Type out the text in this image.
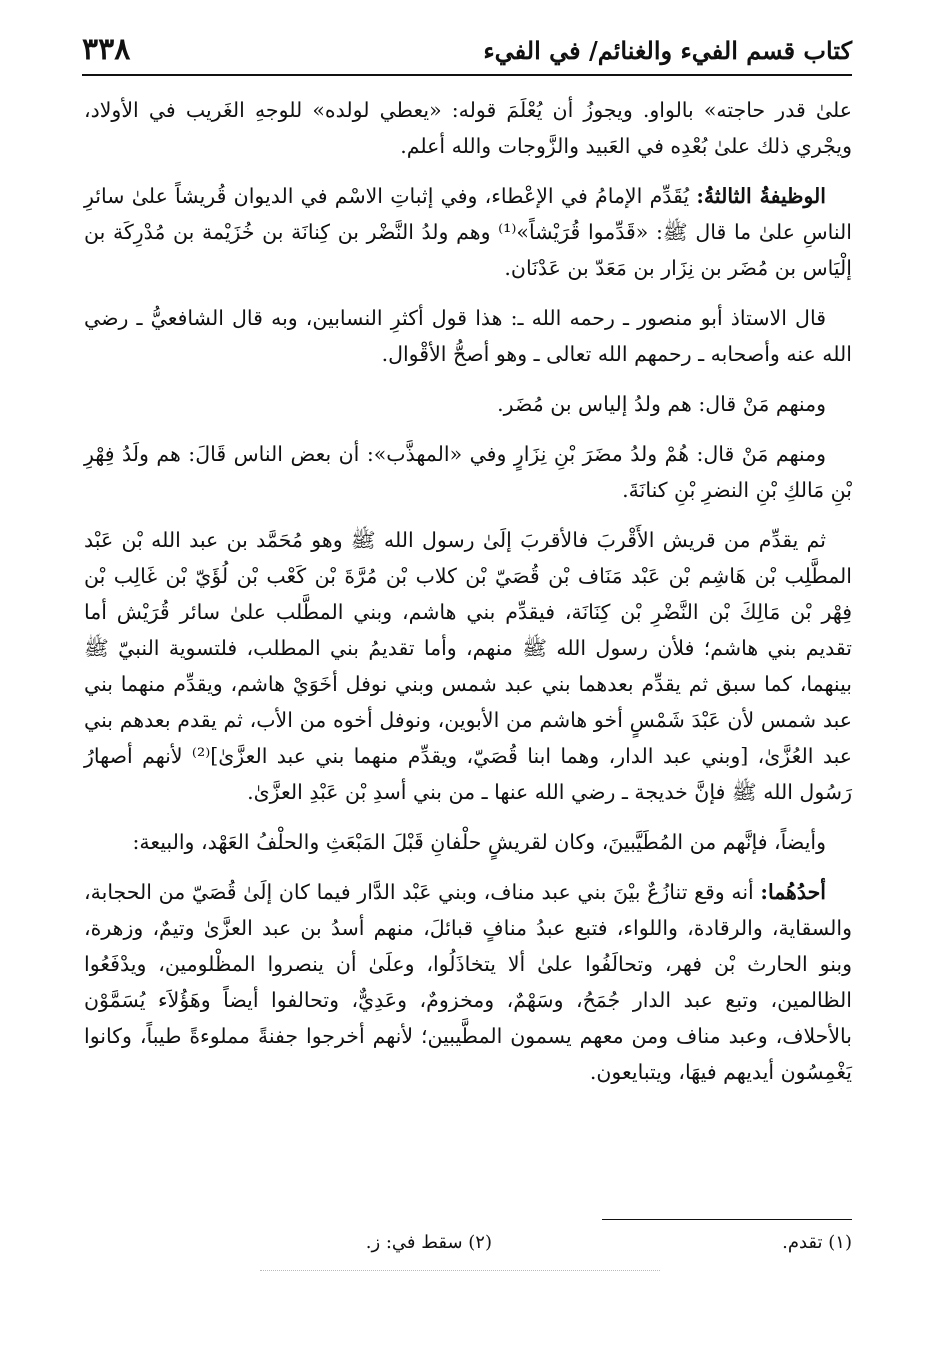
كتاب قسم الفيء والغنائم/ في الفيء
٣٣٨

علىٰ قدر حاجته» بالواو. ويجوزُ أن يُعْلَمَ قوله: «يعطي لولده» للوجهِ الغَريب في الأولاد، ويجْري ذلك علىٰ بُعْدِه في العَبيد والزَّوجات والله أعلم.

الوظيفةُ الثالثةُ: يُقَدِّم الإمامُ في الإعْطاء، وفي إثباتِ الاسْم في الديوان قُريشاً علىٰ سائرِ الناسِ علىٰ ما قال ﷺ: «قَدِّموا قُرَيْشاً»⁽¹⁾ وهم ولدُ النَّضْر بن كِنانَة بن خُزَيْمة بن مُدْرِكَة بن إلْيَاس بن مُضَر بن نِزَار بن مَعَدّ بن عَدْنَان.

قال الاستاذ أبو منصور ـ رحمه الله ـ: هذا قول أكثرِ النسابين، وبه قال الشافعيُّ ـ رضي الله عنه وأصحابه ـ رحمهم الله تعالى ـ وهو أصحُّ الأقْوال.

ومنهم مَنْ قال: هم ولدُ إلياس بن مُضَر.

ومنهم مَنْ قال: هُمْ ولدُ مضَرَ بْنِ نِزَارٍ وفي «المهذَّب»: أن بعض الناس قَالَ: هم ولَدُ فِهْرِ بْنِ مَالكِ بْنِ النضرِ بْنِ كنانَةَ.

ثم يقدِّم من قريش الأَقْربَ فالأقربَ إلَىٰ رسول الله ﷺ وهو مُحَمَّد بن عبد الله بْن عَبْد المطَّلِب بْن هَاشِم بْن عَبْد مَنَاف بْن قُصَيّ بْن كلاب بْن مُرَّةَ بْن كَعْب بْن لُؤَيّ بْن غَالِب بْن فِهْر بْن مَالِكَ بْن النَّضْرِ بْن كِنَانَة، فيقدِّم بني هاشم، وبني المطَّلب علىٰ سائر قُرَيْش أما تقديم بني هاشم؛ فلأن رسول الله ﷺ منهم، وأما تقديمُ بني المطلب، فلتسوية النبيّ ﷺ بينهما، كما سبق ثم يقدِّم بعدهما بني عبد شمس وبني نوفل أخَوَيْ هاشم، ويقدِّم منهما بني عبد شمس لأن عَبْدَ شَمْسٍ أخو هاشم من الأبوين، ونوفل أخوه من الأب، ثم يقدم بعدهم بني عبد العُزَّىٰ، [وبني عبد الدار، وهما ابنا قُصَيّ، ويقدِّم منهما بني عبد العزَّىٰ]⁽²⁾ لأنهم أصهارُ رَسُول الله ﷺ فإنَّ خديجة ـ رضي الله عنها ـ من بني أسدِ بْن عَبْدِ العزَّىٰ.

وأيضاً، فإنَّهم من المُطَيَّبينَ، وكان لقريشٍ حلْفانِ قَبْلَ المَبْعَثِ والحلْفُ العَهْد، والبيعة:

أحدُهُما: أنه وقع تنازُعٌ بيْنَ بني عبد مناف، وبني عَبْد الدَّار فيما كان إلَىٰ قُصَيّ من الحجابة، والسقاية، والرقادة، واللواء، فتبع عبدُ منافٍ قبائلَ، منهم أسدُ بن عبد العزَّىٰ وتيمٌ، وزهرة، وبنو الحارث بْن فهر، وتحالَفُوا علىٰ ألا يتخاذَلُوا، وعلَىٰ أن ينصروا المظْلومين، ويدْفَعُوا الظالمين، وتبع عبد الدار جُمَحُ، وسَهْمٌ، ومخزومٌ، وعَدِيٌّ، وتحالفوا أيضاً وهَؤُلاَء يُسَمَّوْن بالأحلاف، وعبد مناف ومن معهم يسمون المطَّيبين؛ لأنهم أخرجوا جفنةً مملوءةً طيباً، وكانوا يَغْمِسُون أيديهم فيهَا، ويتبايعون.

(١) تقدم.
(٢) سقط في: ز.
